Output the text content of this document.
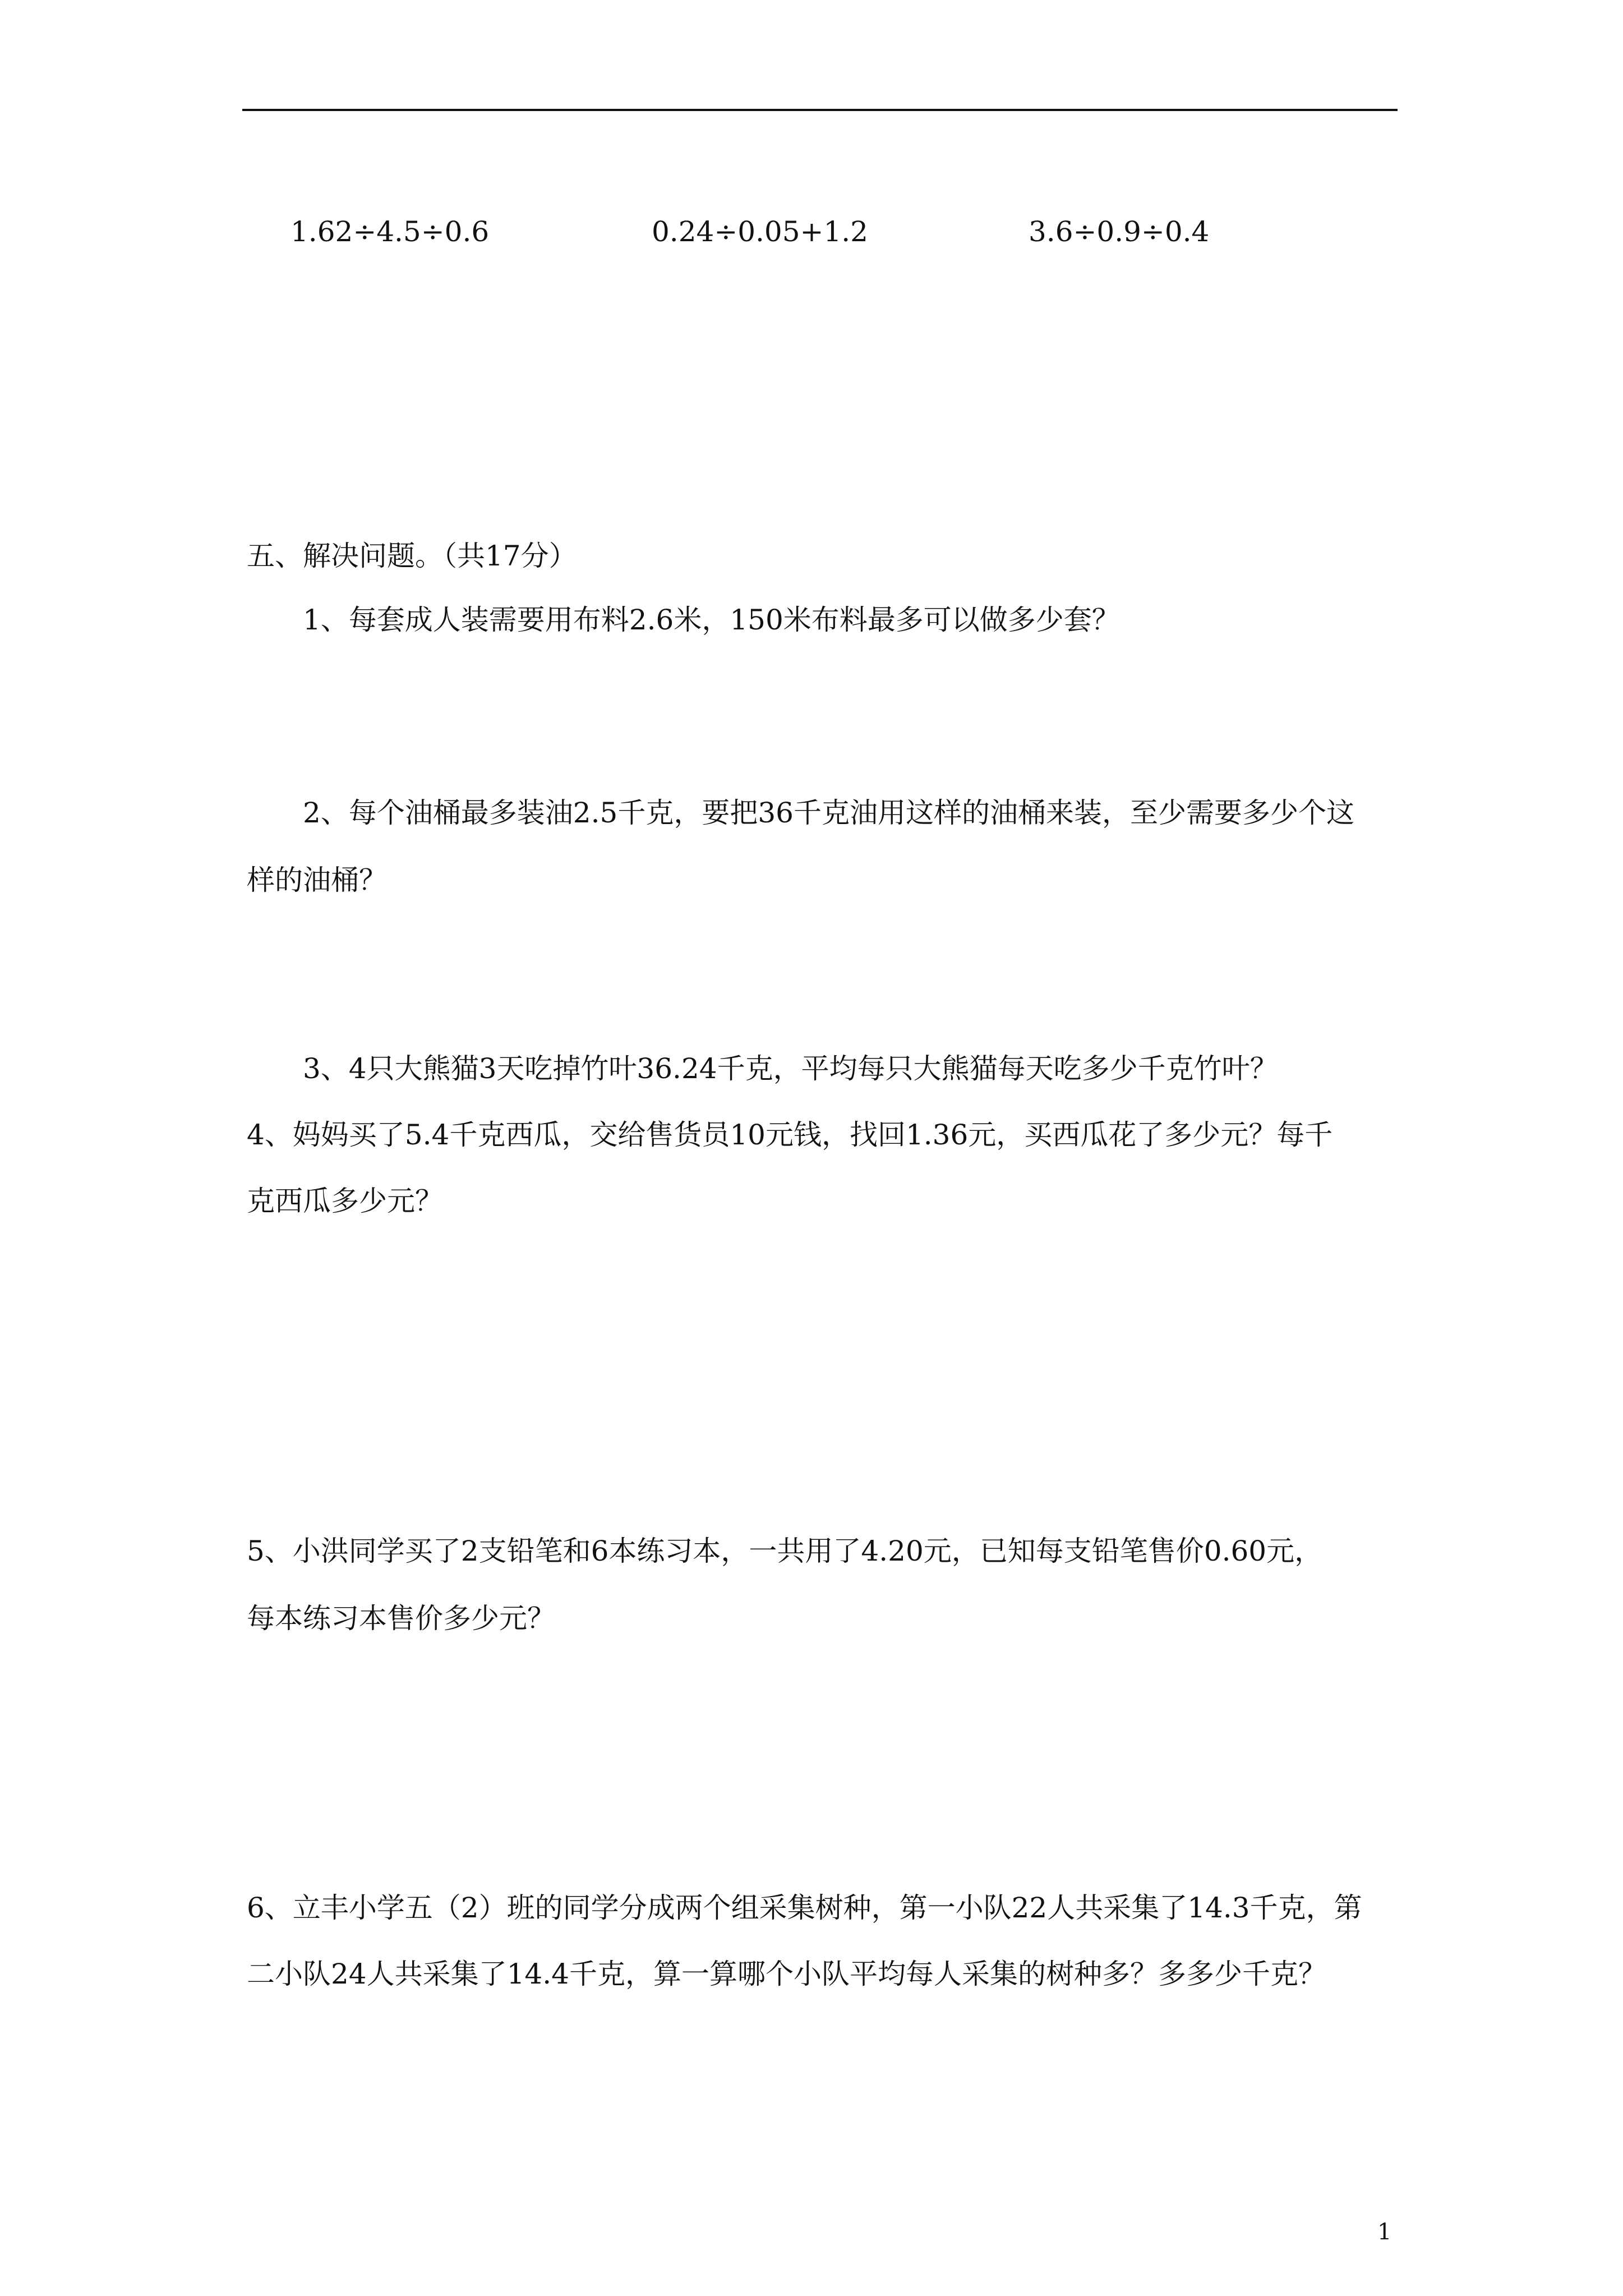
1.62÷4.5÷0.6	0.24÷0.05+1.2	3.6÷0.9÷0.4
五、解决问题。（共17分）
1、每套成人装需要用布料2.6米，150米布料最多可以做多少套？
2、每个油桶最多装油2.5千克，要把36千克油用这样的油桶来装，至少需要多少个这
样的油桶？
3、4只大熊猫3天吃掉竹叶36.24千克，平均每只大熊猫每天吃多少千克竹叶？
4、妈妈买了5.4千克西瓜，交给售货员10元钱，找回1.36元，买西瓜花了多少元？每千
克西瓜多少元？
5、小洪同学买了2支铅笔和6本练习本，一共用了4.20元，已知每支铅笔售价0.60元，
每本练习本售价多少元？
6、立丰小学五（2）班的同学分成两个组采集树种，第一小队22人共采集了14.3千克，第
二小队24人共采集了14.4千克，算一算哪个小队平均每人采集的树种多？多多少千克？
1
